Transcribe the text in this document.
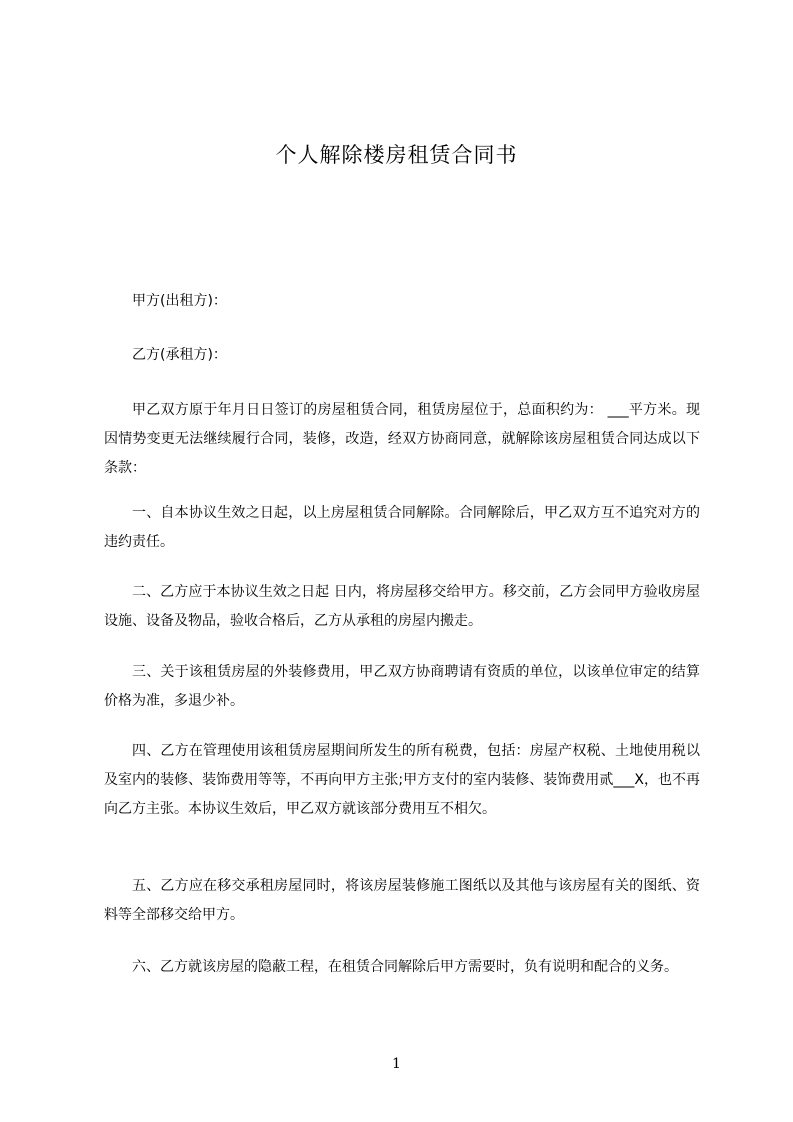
个人解除楼房租赁合同书

甲方(出租方)：

乙方(承租方)：

甲乙双方原于年月日日签订的房屋租赁合同，租赁房屋位于，总面积约为： ___平方米。现因情势变更无法继续履行合同，装修，改造，经双方协商同意，就解除该房屋租赁合同达成以下条款：

一、自本协议生效之日起，以上房屋租赁合同解除。合同解除后，甲乙双方互不追究对方的违约责任。

二、乙方应于本协议生效之日起 日内，将房屋移交给甲方。移交前，乙方会同甲方验收房屋设施、设备及物品，验收合格后，乙方从承租的房屋内搬走。

三、关于该租赁房屋的外装修费用，甲乙双方协商聘请有资质的单位，以该单位审定的结算价格为准，多退少补。

四、乙方在管理使用该租赁房屋期间所发生的所有税费，包括：房屋产权税、土地使用税以及室内的装修、装饰费用等等，不再向甲方主张;甲方支付的室内装修、装饰费用贰___X，也不再向乙方主张。本协议生效后，甲乙双方就该部分费用互不相欠。

五、乙方应在移交承租房屋同时，将该房屋装修施工图纸以及其他与该房屋有关的图纸、资料等全部移交给甲方。

六、乙方就该房屋的隐蔽工程，在租赁合同解除后甲方需要时，负有说明和配合的义务。

1
